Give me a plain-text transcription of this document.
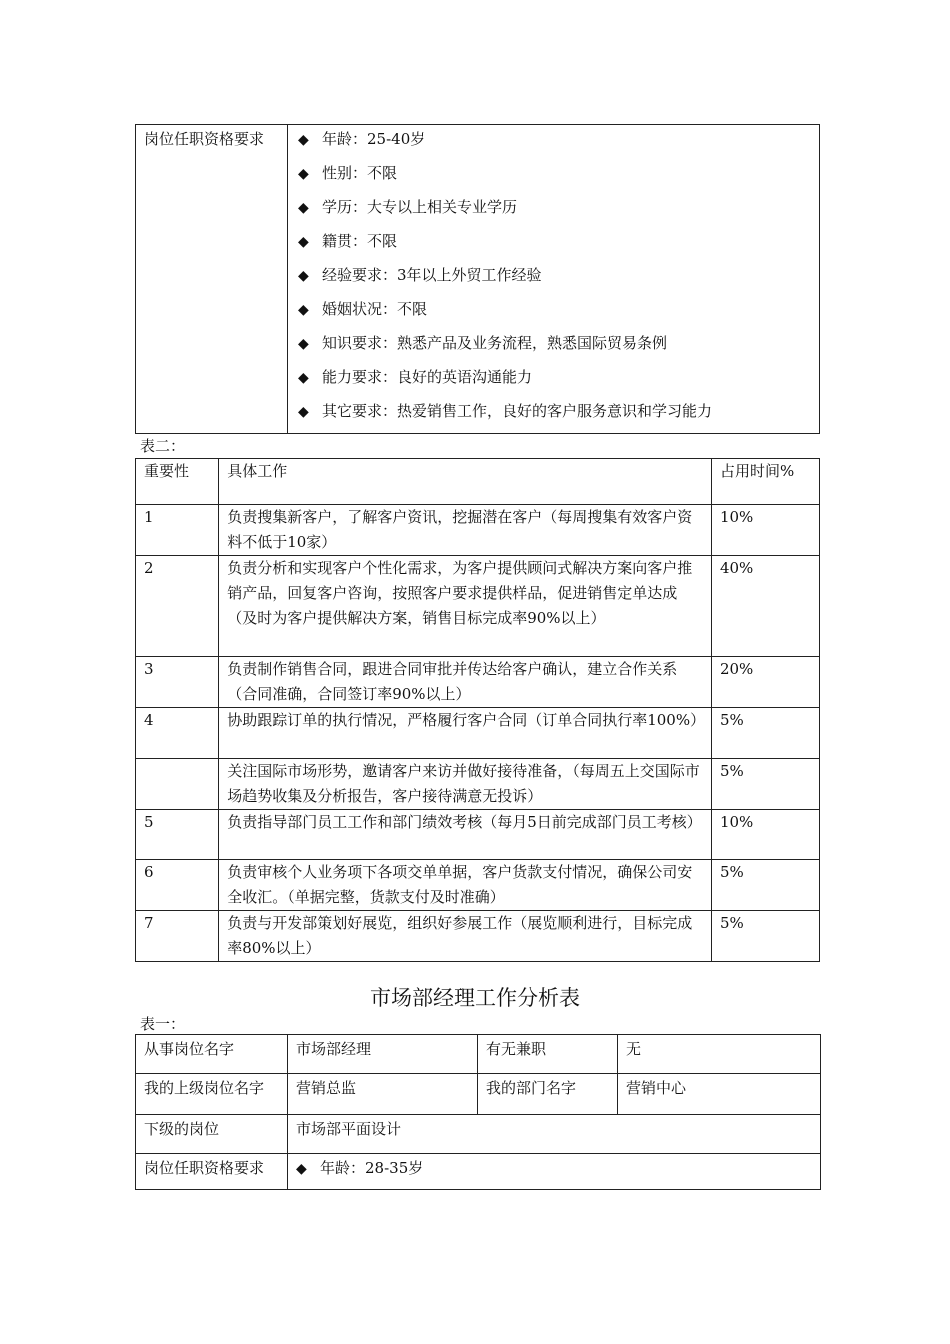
岗位任职资格要求	◆ 年龄：25-40岁
◆ 性别：不限
◆ 学历：大专以上相关专业学历
◆ 籍贯：不限
◆ 经验要求：3年以上外贸工作经验
◆ 婚姻状况：不限
◆ 知识要求：熟悉产品及业务流程，熟悉国际贸易条例
◆ 能力要求：良好的英语沟通能力
◆ 其它要求：热爱销售工作，良好的客户服务意识和学习能力
表二：
重要性	具体工作	占用时间%
1	负责搜集新客户，了解客户资讯，挖掘潜在客户（每周搜集有效客户资料不低于10家）	10%
2	负责分析和实现客户个性化需求，为客户提供顾问式解决方案向客户推销产品，回复客户咨询，按照客户要求提供样品，促进销售定单达成（及时为客户提供解决方案，销售目标完成率90%以上）	40%
3	负责制作销售合同，跟进合同审批并传达给客户确认，建立合作关系（合同准确，合同签订率90%以上）	20%
4	协助跟踪订单的执行情况，严格履行客户合同（订单合同执行率100%）	5%
	关注国际市场形势，邀请客户来访并做好接待准备，（每周五上交国际市场趋势收集及分析报告，客户接待满意无投诉）	5%
5	负责指导部门员工工作和部门绩效考核（每月5日前完成部门员工考核）	10%
6	负责审核个人业务项下各项交单单据，客户货款支付情况，确保公司安全收汇。（单据完整，货款支付及时准确）	5%
7	负责与开发部策划好展览，组织好参展工作（展览顺利进行，目标完成率80%以上）	5%
市场部经理工作分析表
表一：
从事岗位名字	市场部经理	有无兼职	无
我的上级岗位名字	营销总监	我的部门名字	营销中心
下级的岗位	市场部平面设计		
岗位任职资格要求	◆ 年龄：28-35岁		
